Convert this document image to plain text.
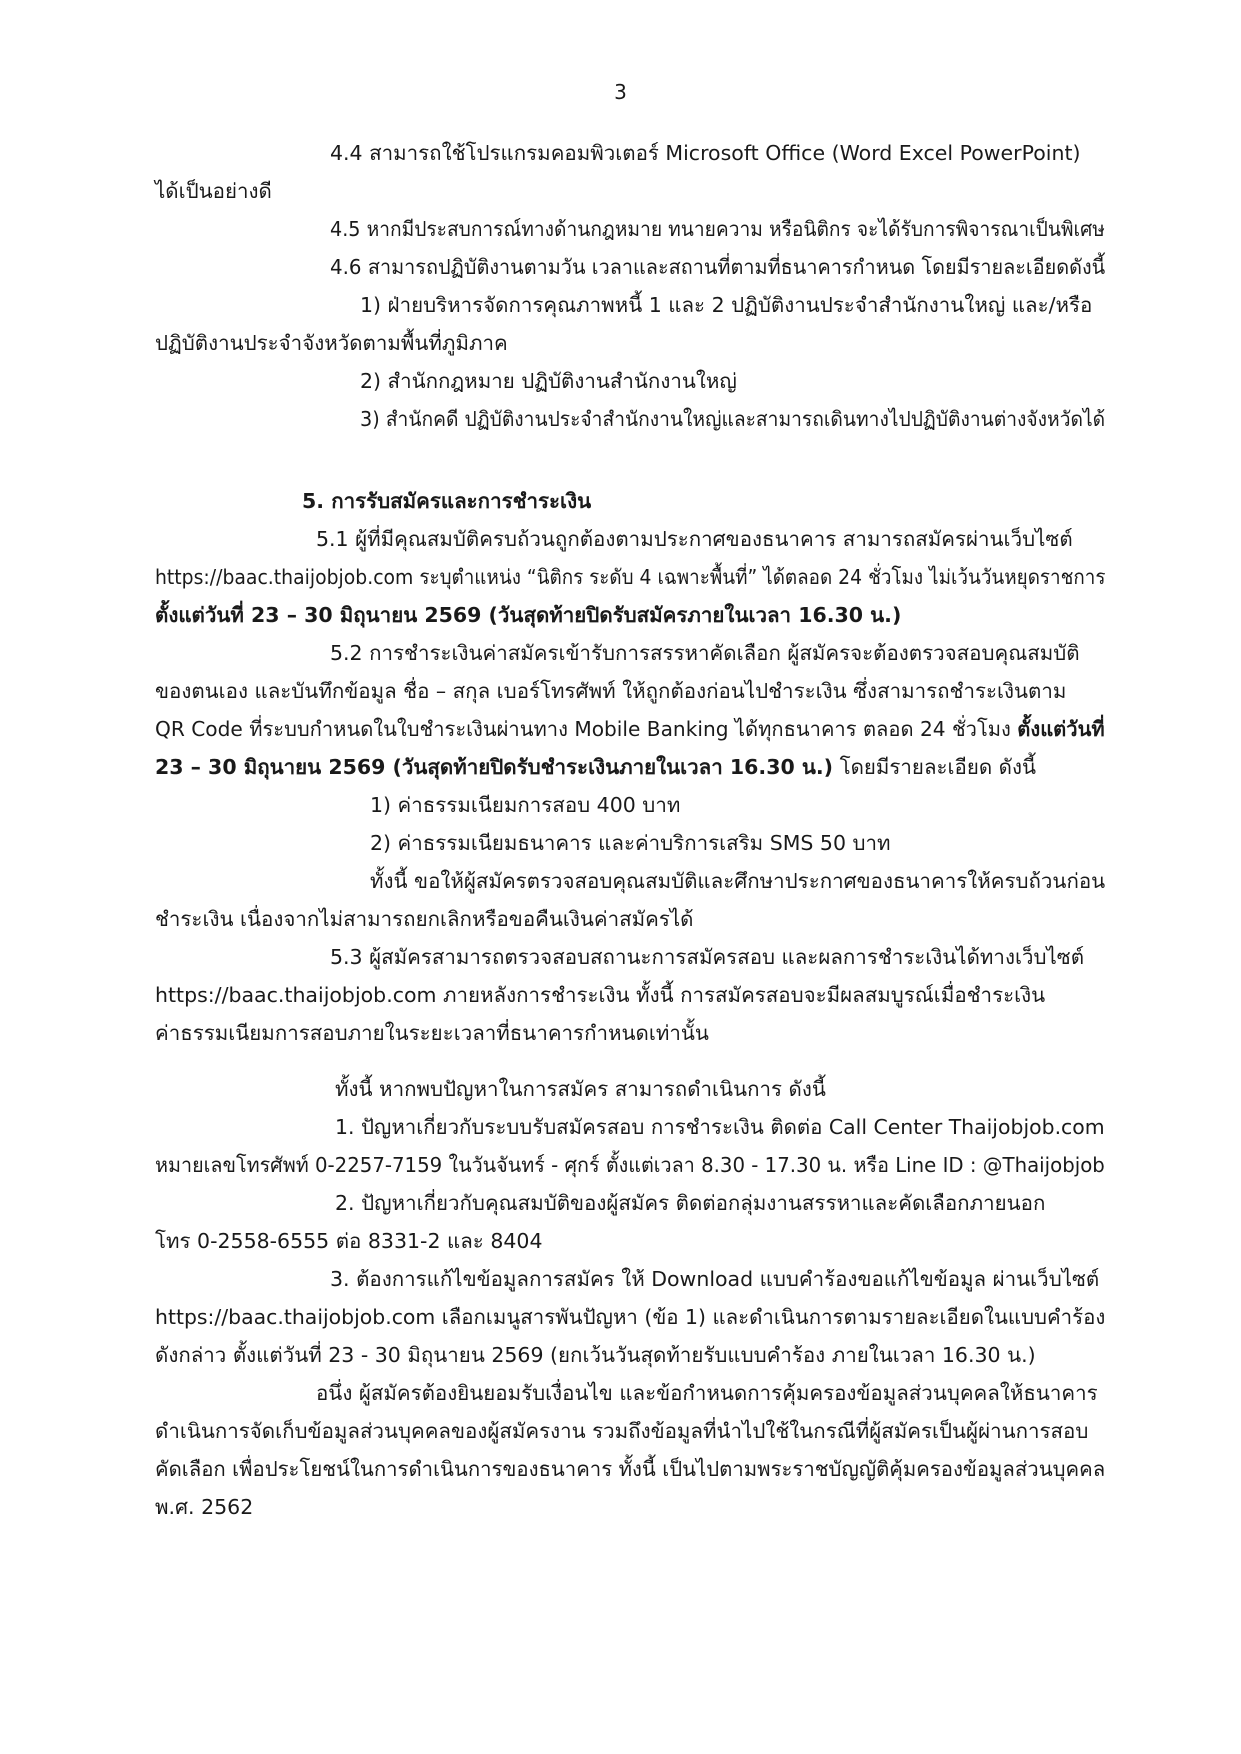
3
4.4 สามารถใช้โปรแกรมคอมพิวเตอร์ Microsoft Office (Word Excel PowerPoint)
ได้เป็นอย่างดี
4.5 หากมีประสบการณ์ทางด้านกฎหมาย ทนายความ หรือนิติกร จะได้รับการพิจารณาเป็นพิเศษ
4.6 สามารถปฏิบัติงานตามวัน เวลาและสถานที่ตามที่ธนาคารกำหนด โดยมีรายละเอียดดังนี้
1) ฝ่ายบริหารจัดการคุณภาพหนี้ 1 และ 2 ปฏิบัติงานประจำสำนักงานใหญ่ และ/หรือ
ปฏิบัติงานประจำจังหวัดตามพื้นที่ภูมิภาค
2) สำนักกฎหมาย ปฏิบัติงานสำนักงานใหญ่
3) สำนักคดี ปฏิบัติงานประจำสำนักงานใหญ่และสามารถเดินทางไปปฏิบัติงานต่างจังหวัดได้
5. การรับสมัครและการชำระเงิน
5.1 ผู้ที่มีคุณสมบัติครบถ้วนถูกต้องตามประกาศของธนาคาร สามารถสมัครผ่านเว็บไซต์
https://baac.thaijobjob.com ระบุตำแหน่ง “นิติกร ระดับ 4 เฉพาะพื้นที่” ได้ตลอด 24 ชั่วโมง ไม่เว้นวันหยุดราชการ
ตั้งแต่วันที่ 23 – 30 มิถุนายน 2569 (วันสุดท้ายปิดรับสมัครภายในเวลา 16.30 น.)
5.2 การชำระเงินค่าสมัครเข้ารับการสรรหาคัดเลือก ผู้สมัครจะต้องตรวจสอบคุณสมบัติ
ของตนเอง และบันทึกข้อมูล ชื่อ – สกุล เบอร์โทรศัพท์ ให้ถูกต้องก่อนไปชำระเงิน ซึ่งสามารถชำระเงินตาม
QR Code ที่ระบบกำหนดในใบชำระเงินผ่านทาง Mobile Banking ได้ทุกธนาคาร ตลอด 24 ชั่วโมง ตั้งแต่วันที่
23 – 30 มิถุนายน 2569 (วันสุดท้ายปิดรับชำระเงินภายในเวลา 16.30 น.) โดยมีรายละเอียด ดังนี้
1) ค่าธรรมเนียมการสอบ 400 บาท
2) ค่าธรรมเนียมธนาคาร และค่าบริการเสริม SMS 50 บาท
ทั้งนี้ ขอให้ผู้สมัครตรวจสอบคุณสมบัติและศึกษาประกาศของธนาคารให้ครบถ้วนก่อน
ชำระเงิน เนื่องจากไม่สามารถยกเลิกหรือขอคืนเงินค่าสมัครได้
5.3 ผู้สมัครสามารถตรวจสอบสถานะการสมัครสอบ และผลการชำระเงินได้ทางเว็บไซต์
https://baac.thaijobjob.com ภายหลังการชำระเงิน ทั้งนี้ การสมัครสอบจะมีผลสมบูรณ์เมื่อชำระเงิน
ค่าธรรมเนียมการสอบภายในระยะเวลาที่ธนาคารกำหนดเท่านั้น
ทั้งนี้ หากพบปัญหาในการสมัคร สามารถดำเนินการ ดังนี้
1. ปัญหาเกี่ยวกับระบบรับสมัครสอบ การชำระเงิน ติดต่อ Call Center Thaijobjob.com
หมายเลขโทรศัพท์ 0-2257-7159 ในวันจันทร์ - ศุกร์ ตั้งแต่เวลา 8.30 - 17.30 น. หรือ Line ID : @Thaijobjob
2. ปัญหาเกี่ยวกับคุณสมบัติของผู้สมัคร ติดต่อกลุ่มงานสรรหาและคัดเลือกภายนอก
โทร 0-2558-6555 ต่อ 8331-2 และ 8404
3. ต้องการแก้ไขข้อมูลการสมัคร ให้ Download แบบคำร้องขอแก้ไขข้อมูล ผ่านเว็บไซต์
https://baac.thaijobjob.com เลือกเมนูสารพันปัญหา (ข้อ 1) และดำเนินการตามรายละเอียดในแบบคำร้อง
ดังกล่าว ตั้งแต่วันที่ 23 - 30 มิถุนายน 2569 (ยกเว้นวันสุดท้ายรับแบบคำร้อง ภายในเวลา 16.30 น.)
อนึ่ง ผู้สมัครต้องยินยอมรับเงื่อนไข และข้อกำหนดการคุ้มครองข้อมูลส่วนบุคคลให้ธนาคาร
ดำเนินการจัดเก็บข้อมูลส่วนบุคคลของผู้สมัครงาน รวมถึงข้อมูลที่นำไปใช้ในกรณีที่ผู้สมัครเป็นผู้ผ่านการสอบ
คัดเลือก เพื่อประโยชน์ในการดำเนินการของธนาคาร ทั้งนี้ เป็นไปตามพระราชบัญญัติคุ้มครองข้อมูลส่วนบุคคล
พ.ศ. 2562
